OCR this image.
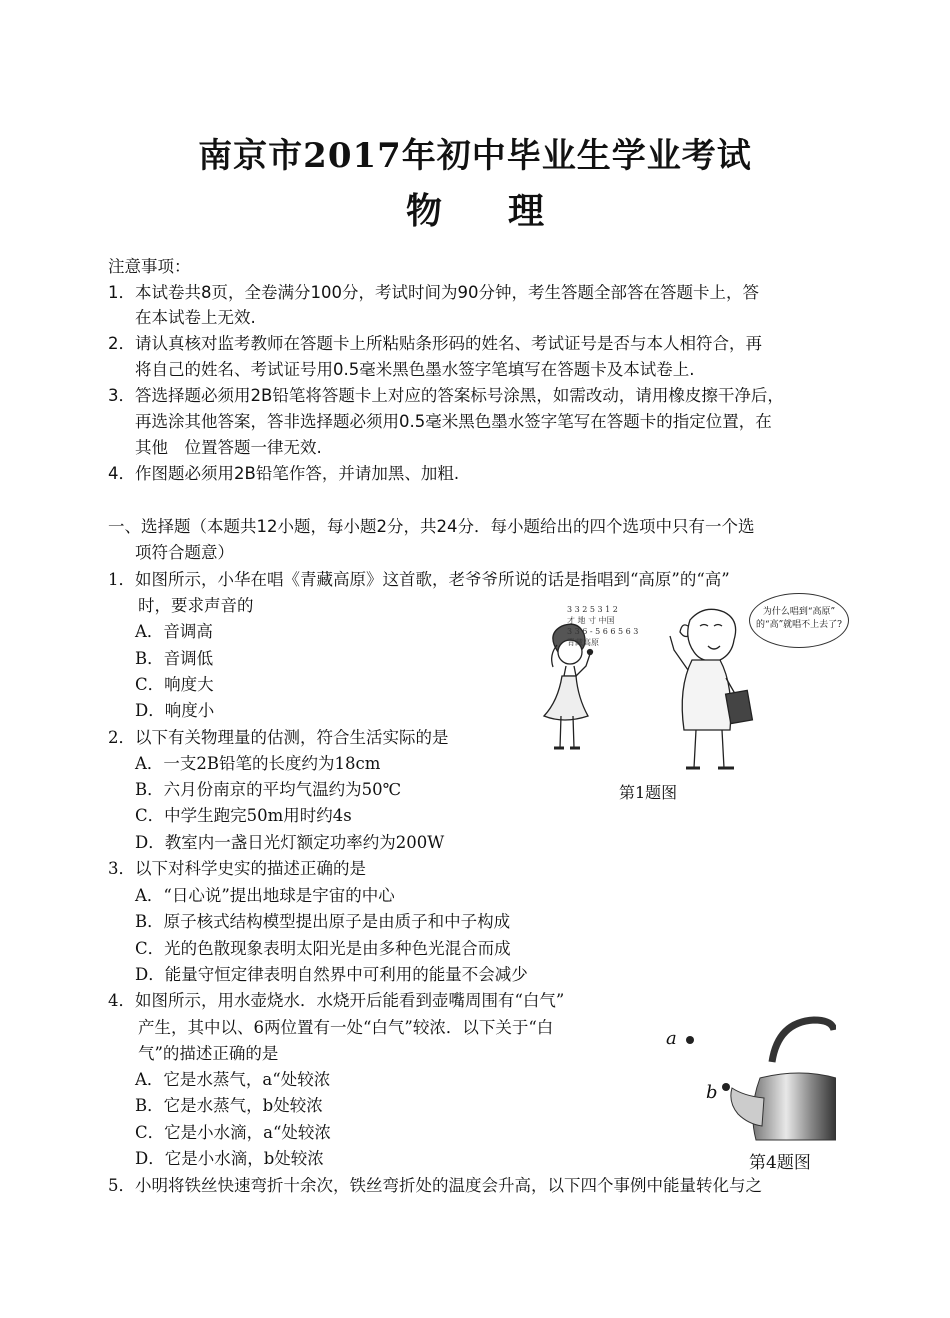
南京市2017年初中毕业生学业考试
物理
注意事项：
1． 本试卷共8页，全卷满分100分，考试时间为90分钟，考生答题全部答在答题卡上，答
在本试卷上无效.
2． 请认真核对监考教师在答题卡上所粘贴条形码的姓名、考试证号是否与本人相符合，再
将自己的姓名、考试证号用0.5毫米黑色墨水签字笔填写在答题卡及本试卷上.
3． 答选择题必须用2B铅笔将答题卡上对应的答案标号涂黑，如需改动，请用橡皮擦干净后，
再选涂其他答案，答非选择题必须用0.5毫米黑色墨水签字笔写在答题卡的指定位置，在
其他　位置答题一律无效.
4． 作图题必须用2B铅笔作答，并请加黑、加粗.
一、选择题（本题共12小题，每小题2分，共24分．每小题给出的四个选项中只有一个选
项符合题意）
1． 如图所示，小华在唱《青藏高原》这首歌，老爷爷所说的话是指唱到“高原”的“高”
时，要求声音的
A．音调高
B．音调低
C．响度大
D．响度小
2． 以下有关物理量的估测，符合生活实际的是
A．一支2B铅笔的长度约为18cm
B．六月份南京的平均气温约为50℃
C．中学生跑完50m用时约4s
D．教室内一盏日光灯额定功率约为200W
3． 以下对科学史实的描述正确的是
A．“日心说”提出地球是宇宙的中心
B．原子核式结构模型提出原子是由质子和中子构成
C．光的色散现象表明太阳光是由多种色光混合而成
D．能量守恒定律表明自然界中可利用的能量不会减少
4． 如图所示，用水壶烧水．水烧开后能看到壶嘴周围有“白气”
产生，其中以、6两位置有一处“白气”较浓．以下关于“白
气”的描述正确的是
A．它是水蒸气，a“处较浓
B．它是水蒸气，b处较浓
C．它是小水滴，a“处较浓
D．它是小水滴，b处较浓
5． 小明将铁丝快速弯折十余次，铁丝弯折处的温度会升高，以下四个事例中能量转化与之
3 3 2 5 3 1 2
才 地 寸 中国
3 3 6 - 5 6 6 5 6 3
青藏高原
为什么唱到“高原”
的“高”就唱不上去了?
第1题图
a
b
第4题图
